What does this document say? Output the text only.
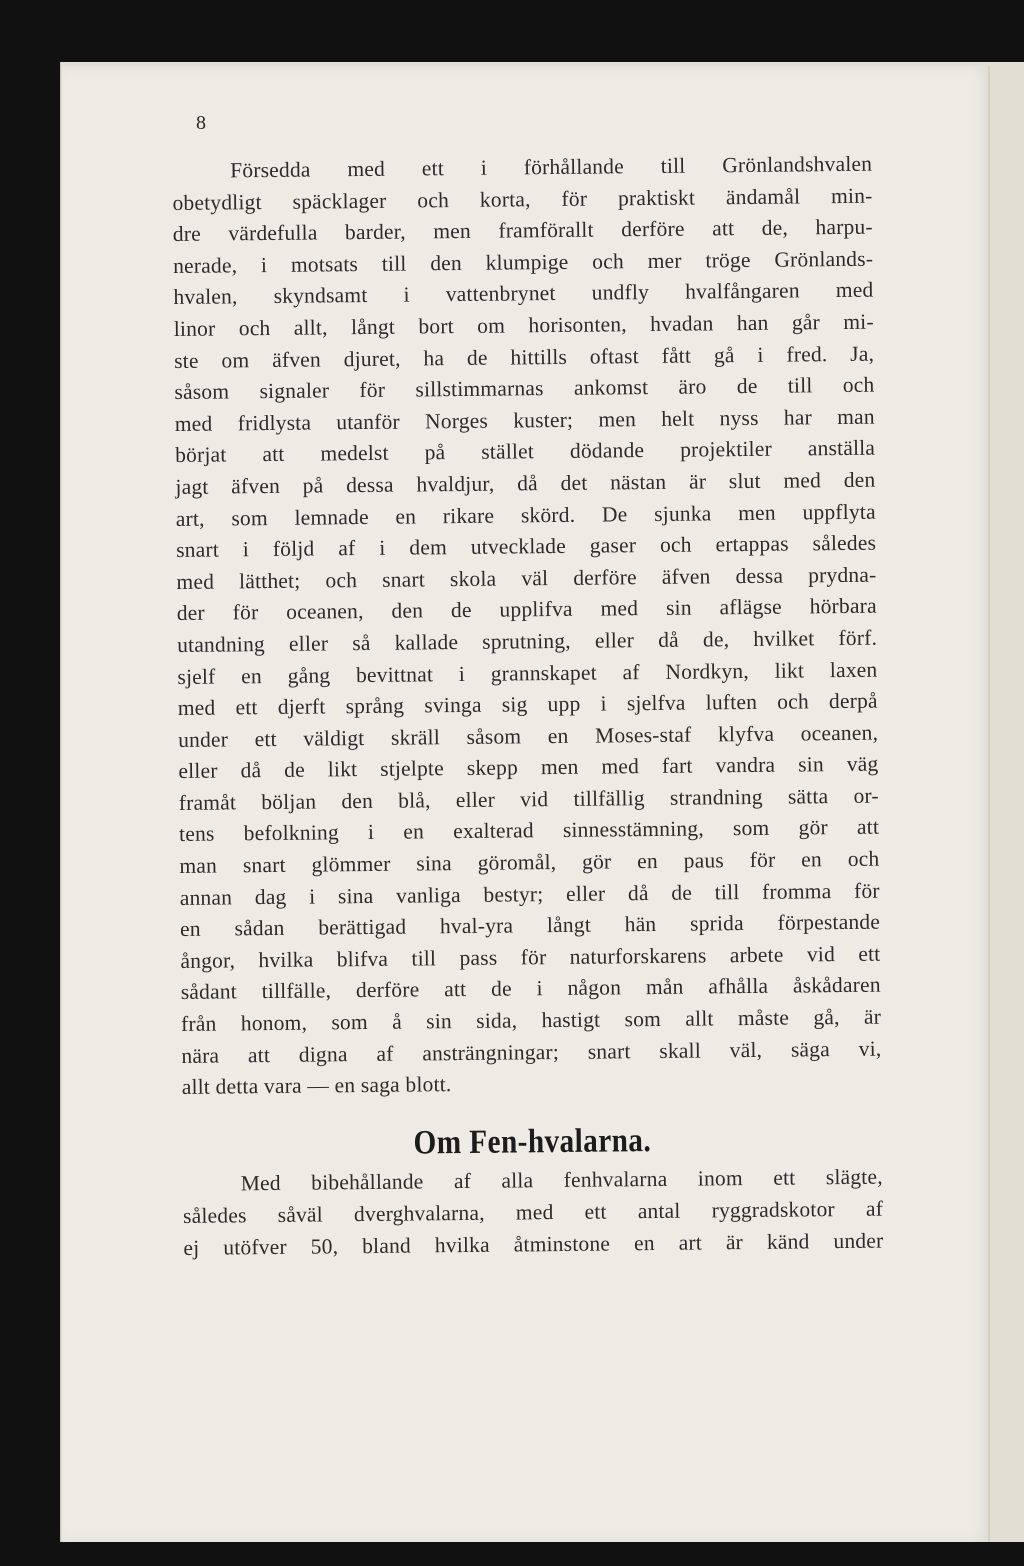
8
Försedda med ett i förhållande till Grönlandshvalen
obetydligt späcklager och korta, för praktiskt ändamål min-
dre värdefulla barder, men framförallt derföre att de, harpu-
nerade, i motsats till den klumpige och mer tröge Grönlands-
hvalen, skyndsamt i vattenbrynet undfly hvalfångaren med
linor och allt, långt bort om horisonten, hvadan han går mi-
ste om äfven djuret, ha de hittills oftast fått gå i fred. Ja,
såsom signaler för sillstimmarnas ankomst äro de till och
med fridlysta utanför Norges kuster; men helt nyss har man
börjat att medelst på stället dödande projektiler anställa
jagt äfven på dessa hvaldjur, då det nästan är slut med den
art, som lemnade en rikare skörd. De sjunka men uppflyta
snart i följd af i dem utvecklade gaser och ertappas således
med lätthet; och snart skola väl derföre äfven dessa prydna-
der för oceanen, den de upplifva med sin aflägse hörbara
utandning eller så kallade sprutning, eller då de, hvilket förf.
sjelf en gång bevittnat i grannskapet af Nordkyn, likt laxen
med ett djerft språng svinga sig upp i sjelfva luften och derpå
under ett väldigt skräll såsom en Moses-staf klyfva oceanen,
eller då de likt stjelpte skepp men med fart vandra sin väg
framåt böljan den blå, eller vid tillfällig strandning sätta or-
tens befolkning i en exalterad sinnesstämning, som gör att
man snart glömmer sina göromål, gör en paus för en och
annan dag i sina vanliga bestyr; eller då de till fromma för
en sådan berättigad hval-yra långt hän sprida förpestande
ångor, hvilka blifva till pass för naturforskarens arbete vid ett
sådant tillfälle, derföre att de i någon mån afhålla åskådaren
från honom, som å sin sida, hastigt som allt måste gå, är
nära att digna af ansträngningar; snart skall väl, säga vi,
allt detta vara — en saga blott.
Om Fen-hvalarna.
Med bibehållande af alla fenhvalarna inom ett slägte,
således såväl dverghvalarna, med ett antal ryggradskotor af
ej utöfver 50, bland hvilka åtminstone en art är känd under
